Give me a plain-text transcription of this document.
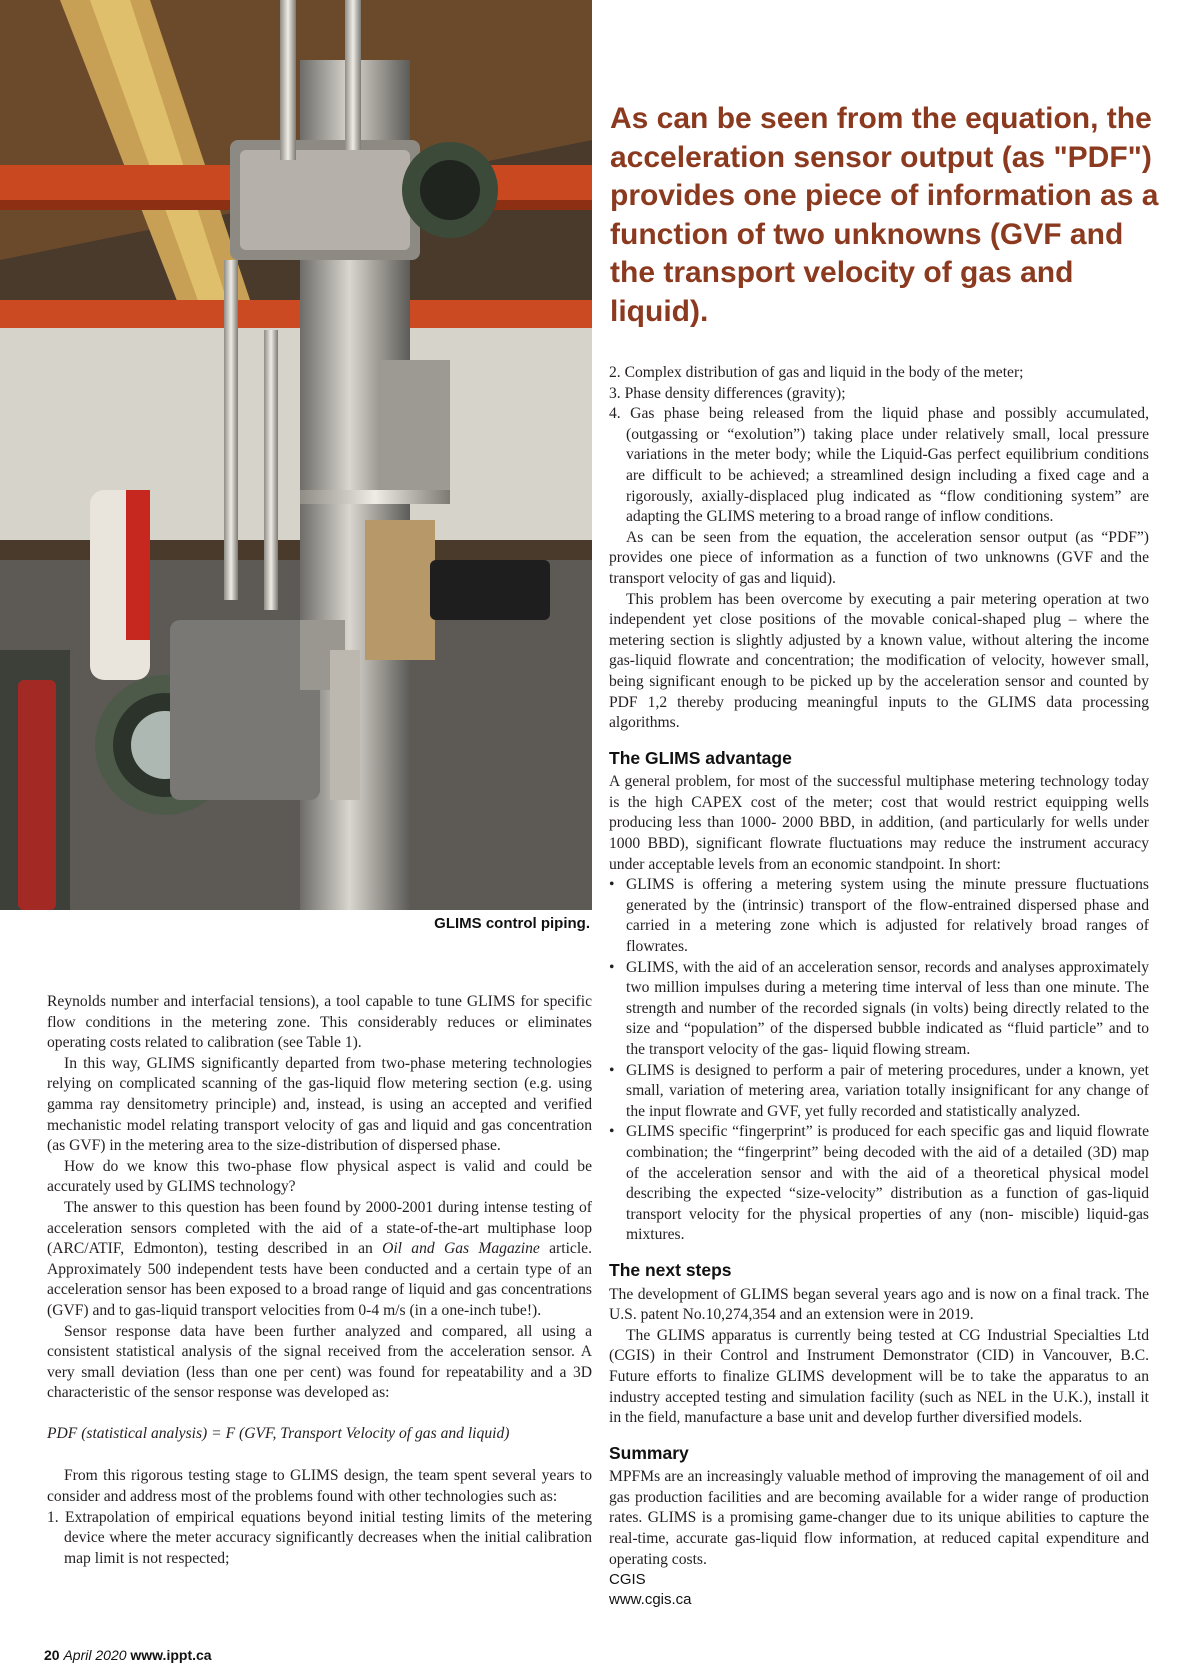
GLIMS control piping.
As can be seen from the equation, the acceleration sensor output (as "PDF") provides one piece of information as a function of two unknowns (GVF and the transport velocity of gas and liquid).

Reynolds number and interfacial tensions), a tool capable to tune GLIMS for specific flow conditions in the metering zone. This considerably reduces or eliminates operating costs related to calibration (see Table 1).

In this way, GLIMS significantly departed from two-phase metering technologies relying on complicated scanning of the gas-liquid flow metering section (e.g. using gamma ray densitometry principle) and, instead, is using an accepted and verified mechanistic model relating transport velocity of gas and liquid and gas concentration (as GVF) in the metering area to the size-distribution of dispersed phase.

How do we know this two-phase flow physical aspect is valid and could be accurately used by GLIMS technology?

The answer to this question has been found by 2000-2001 during intense testing of acceleration sensors completed with the aid of a state-of-the-art multiphase loop (ARC/ATIF, Edmonton), testing described in an Oil and Gas Magazine article. Approximately 500 independent tests have been conducted and a certain type of an acceleration sensor has been exposed to a broad range of liquid and gas concentrations (GVF) and to gas-liquid transport velocities from 0-4 m/s (in a one-inch tube!).

Sensor response data have been further analyzed and compared, all using a consistent statistical analysis of the signal received from the acceleration sensor. A very small deviation (less than one per cent) was found for repeatability and a 3D characteristic of the sensor response was developed as:

PDF (statistical analysis) = F (GVF, Transport Velocity of gas and liquid)

From this rigorous testing stage to GLIMS design, the team spent several years to consider and address most of the problems found with other technologies such as:

1. Extrapolation of empirical equations beyond initial testing limits of the metering device where the meter accuracy significantly decreases when the initial calibration map limit is not respected;

2. Complex distribution of gas and liquid in the body of the meter;

3. Phase density differences (gravity);

4. Gas phase being released from the liquid phase and possibly accumulated, (outgassing or “exolution”) taking place under relatively small, local pressure variations in the meter body; while the Liquid-Gas perfect equilibrium conditions are difficult to be achieved; a streamlined design including a fixed cage and a rigorously, axially-displaced plug indicated as “flow conditioning system” are adapting the GLIMS metering to a broad range of inflow conditions.

As can be seen from the equation, the acceleration sensor output (as “PDF”) provides one piece of information as a function of two unknowns (GVF and the transport velocity of gas and liquid).

This problem has been overcome by executing a pair metering operation at two independent yet close positions of the movable conical-shaped plug – where the metering section is slightly adjusted by a known value, without altering the income gas-liquid flowrate and concentration; the modification of velocity, however small, being significant enough to be picked up by the acceleration sensor and counted by PDF 1,2 thereby producing meaningful inputs to the GLIMS data processing algorithms.

The GLIMS advantage

A general problem, for most of the successful multiphase metering technology today is the high CAPEX cost of the meter; cost that would restrict equipping wells producing less than 1000- 2000 BBD, in addition, (and particularly for wells under 1000 BBD), significant flowrate fluctuations may reduce the instrument accuracy under acceptable levels from an economic standpoint. In short:

• GLIMS is offering a metering system using the minute pressure fluctuations generated by the (intrinsic) transport of the flow-entrained dispersed phase and carried in a metering zone which is adjusted for relatively broad ranges of flowrates.
• GLIMS, with the aid of an acceleration sensor, records and analyses approximately two million impulses during a metering time interval of less than one minute. The strength and number of the recorded signals (in volts) being directly related to the size and “population” of the dispersed bubble indicated as “fluid particle” and to the transport velocity of the gas- liquid flowing stream.
• GLIMS is designed to perform a pair of metering procedures, under a known, yet small, variation of metering area, variation totally insignificant for any change of the input flowrate and GVF, yet fully recorded and statistically analyzed.
• GLIMS specific “fingerprint” is produced for each specific gas and liquid flowrate combination; the “fingerprint” being decoded with the aid of a detailed (3D) map of the acceleration sensor and with the aid of a theoretical physical model describing the expected “size-velocity” distribution as a function of gas-liquid transport velocity for the physical properties of any (non- miscible) liquid-gas mixtures.
The next steps

The development of GLIMS began several years ago and is now on a final track. The U.S. patent No.10,274,354 and an extension were in 2019.

The GLIMS apparatus is currently being tested at CG Industrial Specialties Ltd (CGIS) in their Control and Instrument Demonstrator (CID) in Vancouver, B.C. Future efforts to finalize GLIMS development will be to take the apparatus to an industry accepted testing and simulation facility (such as NEL in the U.K.), install it in the field, manufacture a base unit and develop further diversified models.

Summary

MPFMs are an increasingly valuable method of improving the management of oil and gas production facilities and are becoming available for a wider range of production rates. GLIMS is a promising game-changer due to its unique abilities to capture the real-time, accurate gas-liquid flow information, at reduced capital expenditure and operating costs.

CGIS
www.cgis.ca
20 April 2020 www.ippt.ca
